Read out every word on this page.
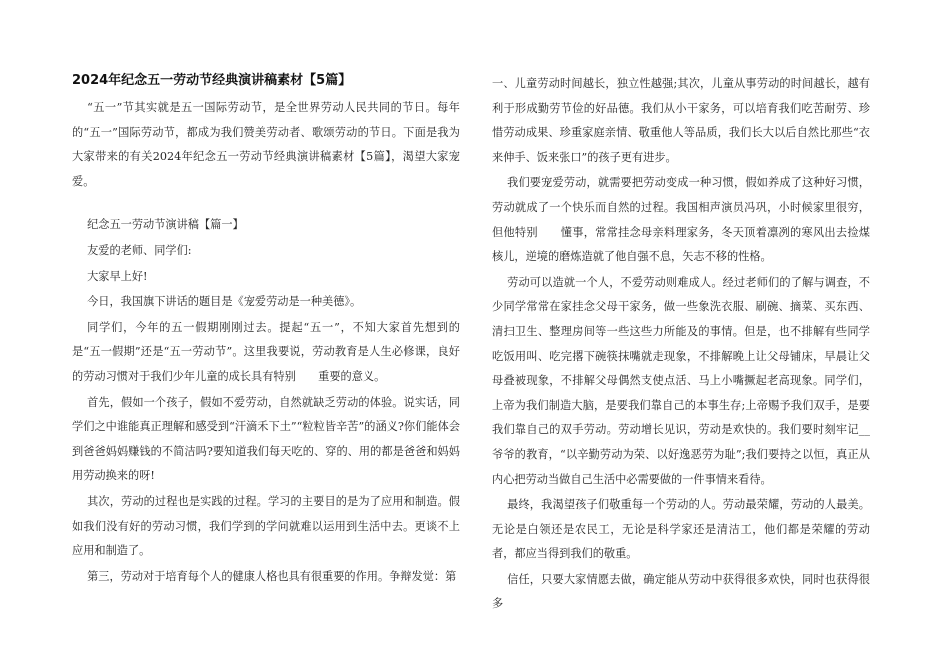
2024年纪念五一劳动节经典演讲稿素材【5篇】

“五一”节其实就是五一国际劳动节，是全世界劳动人民共同的节日。每年的“五一”国际劳动节，都成为我们赞美劳动者、歌颂劳动的节日。下面是我为大家带来的有关2024年纪念五一劳动节经典演讲稿素材【5篇】，渴望大家宠爱。

纪念五一劳动节演讲稿【篇一】

友爱的老师、同学们:

大家早上好!

今日，我国旗下讲话的题目是《宠爱劳动是一种美德》。

同学们，今年的五一假期刚刚过去。提起“五一”，不知大家首先想到的是“五一假期”还是“五一劳动节”。这里我要说，劳动教育是人生必修课，良好的劳动习惯对于我们少年儿童的成长具有特别　　重要的意义。

首先，假如一个孩子，假如不爱劳动，自然就缺乏劳动的体验。说实话，同学们之中谁能真正理解和感受到“汗滴禾下土”“粒粒皆辛苦”的涵义?你们能体会到爸爸妈妈赚钱的不简洁吗?要知道我们每天吃的、穿的、用的都是爸爸和妈妈用劳动换来的呀!

其次，劳动的过程也是实践的过程。学习的主要目的是为了应用和制造。假如我们没有好的劳动习惯，我们学到的学问就难以运用到生活中去。更谈不上应用和制造了。

第三，劳动对于培育每个人的健康人格也具有很重要的作用。争辩发觉：第

一、儿童劳动时间越长，独立性越强;其次，儿童从事劳动的时间越长，越有利于形成勤劳节俭的好品德。我们从小干家务，可以培育我们吃苦耐劳、珍惜劳动成果、珍重家庭亲情、敬重他人等品质，我们长大以后自然比那些“衣来伸手、饭来张口”的孩子更有进步。

我们要宠爱劳动，就需要把劳动变成一种习惯，假如养成了这种好习惯，劳动就成了一个快乐而自然的过程。我国相声演员冯巩，小时候家里很穷，但他特别　　懂事，常常挂念母亲料理家务，冬天顶着凛冽的寒风出去捡煤核儿，逆境的磨炼造就了他自强不息，矢志不移的性格。

劳动可以造就一个人，不爱劳动则难成人。经过老师们的了解与调查，不少同学常常在家挂念父母干家务，做一些象洗衣服、刷碗、摘菜、买东西、清扫卫生、整理房间等一些这些力所能及的事情。但是，也不排解有些同学吃饭用叫、吃完撂下碗筷抹嘴就走现象，不排解晚上让父母铺床，早晨让父母叠被现象，不排解父母偶然支使点活、马上小嘴撅起老高现象。同学们，上帝为我们制造大脑，是要我们靠自己的本事生存;上帝赐予我们双手，是要我们靠自己的双手劳动。劳动增长见识，劳动是欢快的。我们要时刻牢记__爷爷的教育，“以辛勤劳动为荣、以好逸恶劳为耻”;我们要持之以恒，真正从内心把劳动当做自己生活中必需要做的一件事情来看待。

最终，我渴望孩子们敬重每一个劳动的人。劳动最荣耀，劳动的人最美。无论是白领还是农民工，无论是科学家还是清洁工，他们都是荣耀的劳动者，都应当得到我们的敬重。

信任，只要大家情愿去做，确定能从劳动中获得很多欢快，同时也获得很多
